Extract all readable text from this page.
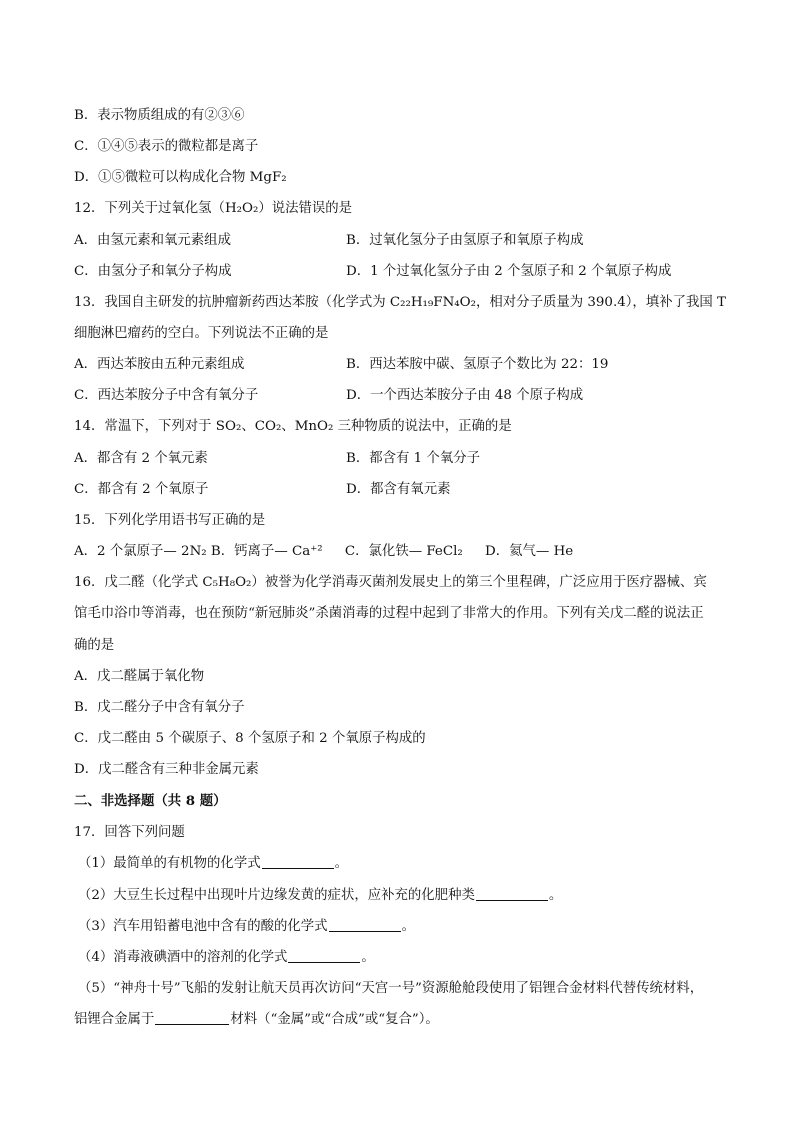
B．表示物质组成的有②③⑥
C．①④⑤表示的微粒都是离子
D．①⑤微粒可以构成化合物 MgF₂
12．下列关于过氧化氢（H₂O₂）说法错误的是
A．由氢元素和氧元素组成	B．过氧化氢分子由氢原子和氧原子构成
C．由氢分子和氧分子构成	D．1 个过氧化氢分子由 2 个氢原子和 2 个氧原子构成
13．我国自主研发的抗肿瘤新药西达苯胺（化学式为 C₂₂H₁₉FN₄O₂，相对分子质量为 390.4），填补了我国 T
细胞淋巴瘤药的空白。下列说法不正确的是
A．西达苯胺由五种元素组成	B．西达苯胺中碳、氢原子个数比为 22：19
C．西达苯胺分子中含有氧分子	D．一个西达苯胺分子由 48 个原子构成
14．常温下，下列对于 SO₂、CO₂、MnO₂ 三种物质的说法中，正确的是
A．都含有 2 个氧元素	B．都含有 1 个氧分子
C．都含有 2 个氧原子	D．都含有氧元素
15．下列化学用语书写正确的是
A．2 个氯原子— 2N₂ B．钙离子— Ca⁺² C．氯化铁— FeCl₂ D．氦气— He
16．戊二醛（化学式 C₅H₈O₂）被誉为化学消毒灭菌剂发展史上的第三个里程碑，广泛应用于医疗器械、宾
馆毛巾浴巾等消毒，也在预防“新冠肺炎”杀菌消毒的过程中起到了非常大的作用。下列有关戊二醛的说法正
确的是
A．戊二醛属于氧化物
B．戊二醛分子中含有氧分子
C．戊二醛由 5 个碳原子、8 个氢原子和 2 个氧原子构成的
D．戊二醛含有三种非金属元素
二、非选择题（共 8 题）
17．回答下列问题
（1）最简单的有机物的化学式	。
（2）大豆生长过程中出现叶片边缘发黄的症状，应补充的化肥种类	。
（3）汽车用铅蓄电池中含有的酸的化学式	。
（4）消毒液碘酒中的溶剂的化学式	。
（5）“神舟十号”飞船的发射让航天员再次访问“天宫一号”资源舱舱段使用了铝锂合金材料代替传统材料，
铝锂合金属于	材料（“金属”或“合成”或“复合”）。
